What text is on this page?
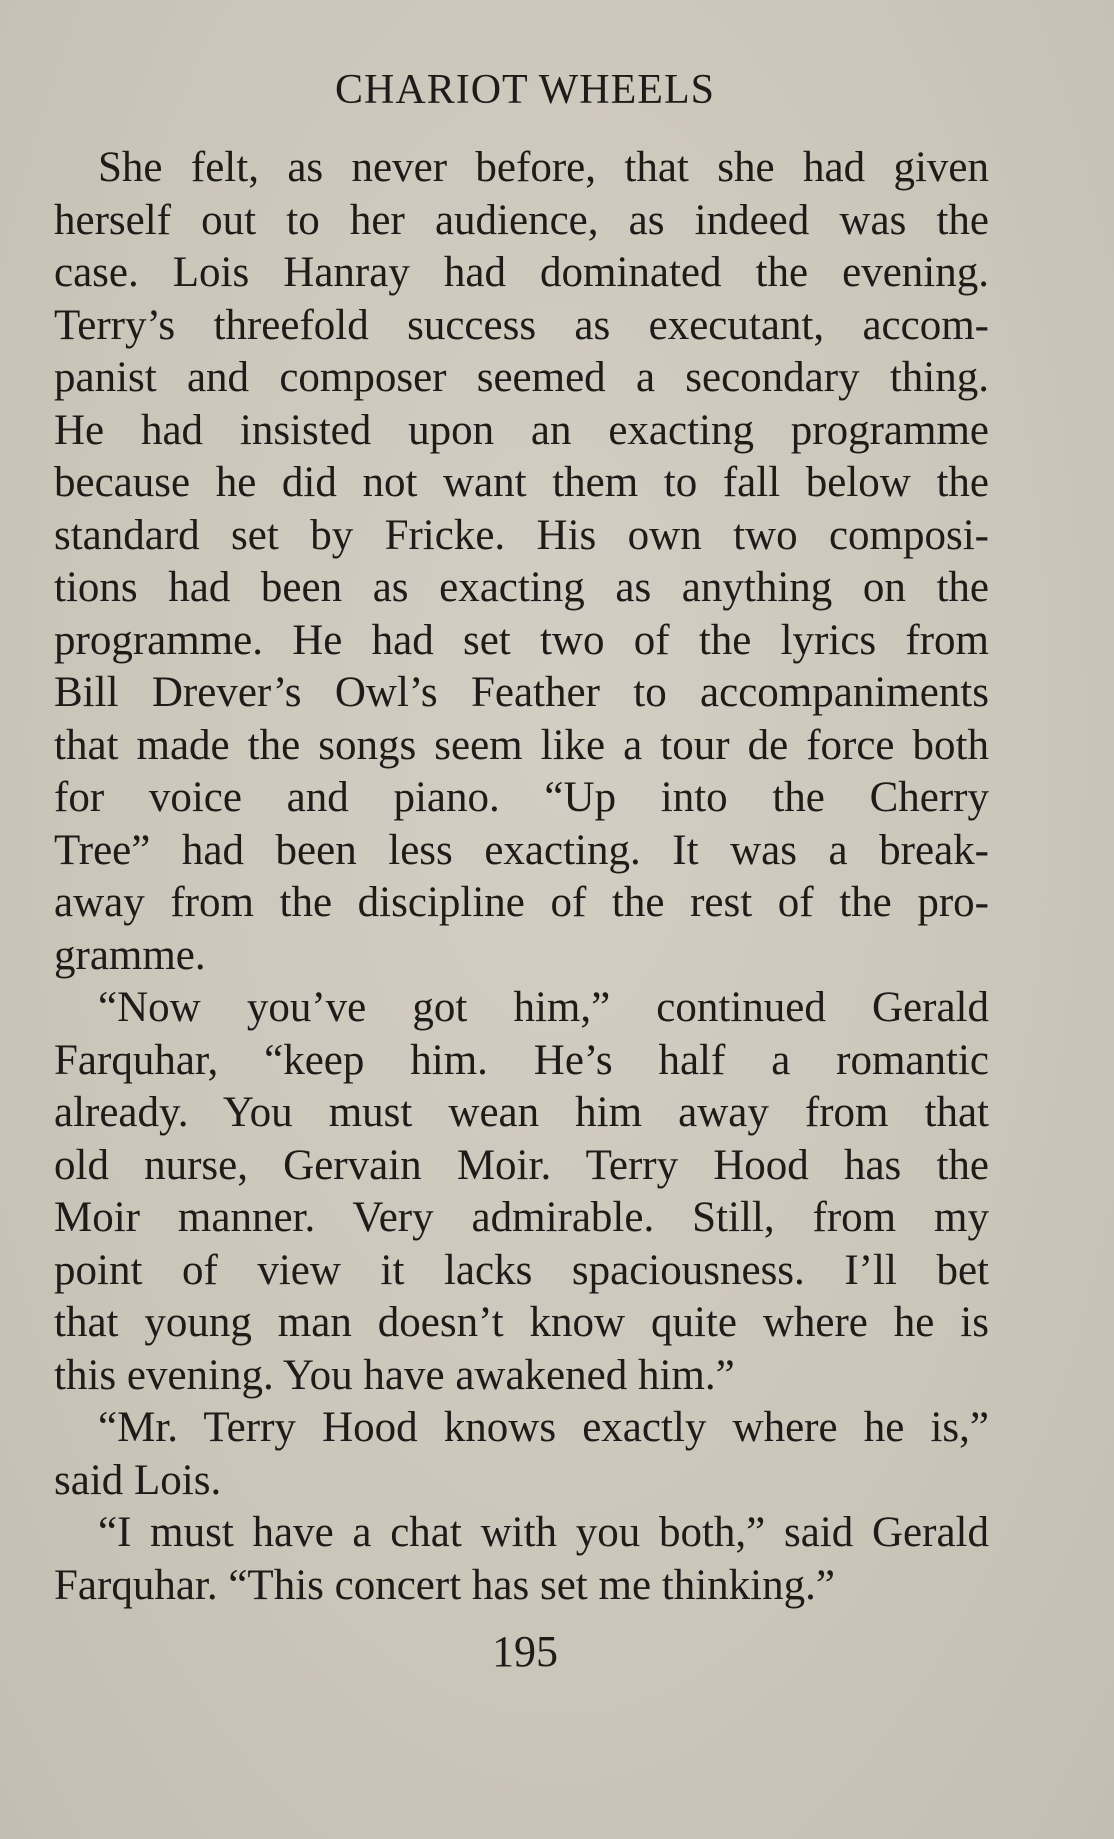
CHARIOT WHEELS
She felt, as never before, that she had given
herself out to her audience, as indeed was the
case. Lois Hanray had dominated the evening.
Terry’s threefold success as executant, accom-
panist and composer seemed a secondary thing.
He had insisted upon an exacting programme
because he did not want them to fall below the
standard set by Fricke. His own two composi-
tions had been as exacting as anything on the
programme. He had set two of the lyrics from
Bill Drever’s Owl’s Feather to accompaniments
that made the songs seem like a tour de force both
for voice and piano. “Up into the Cherry
Tree” had been less exacting. It was a break-
away from the discipline of the rest of the pro-
gramme.
“Now you’ve got him,” continued Gerald
Farquhar, “keep him. He’s half a romantic
already. You must wean him away from that
old nurse, Gervain Moir. Terry Hood has the
Moir manner. Very admirable. Still, from my
point of view it lacks spaciousness. I’ll bet
that young man doesn’t know quite where he is
this evening. You have awakened him.”
“Mr. Terry Hood knows exactly where he is,”
said Lois.
“I must have a chat with you both,” said Gerald
Farquhar. “This concert has set me thinking.”
195
